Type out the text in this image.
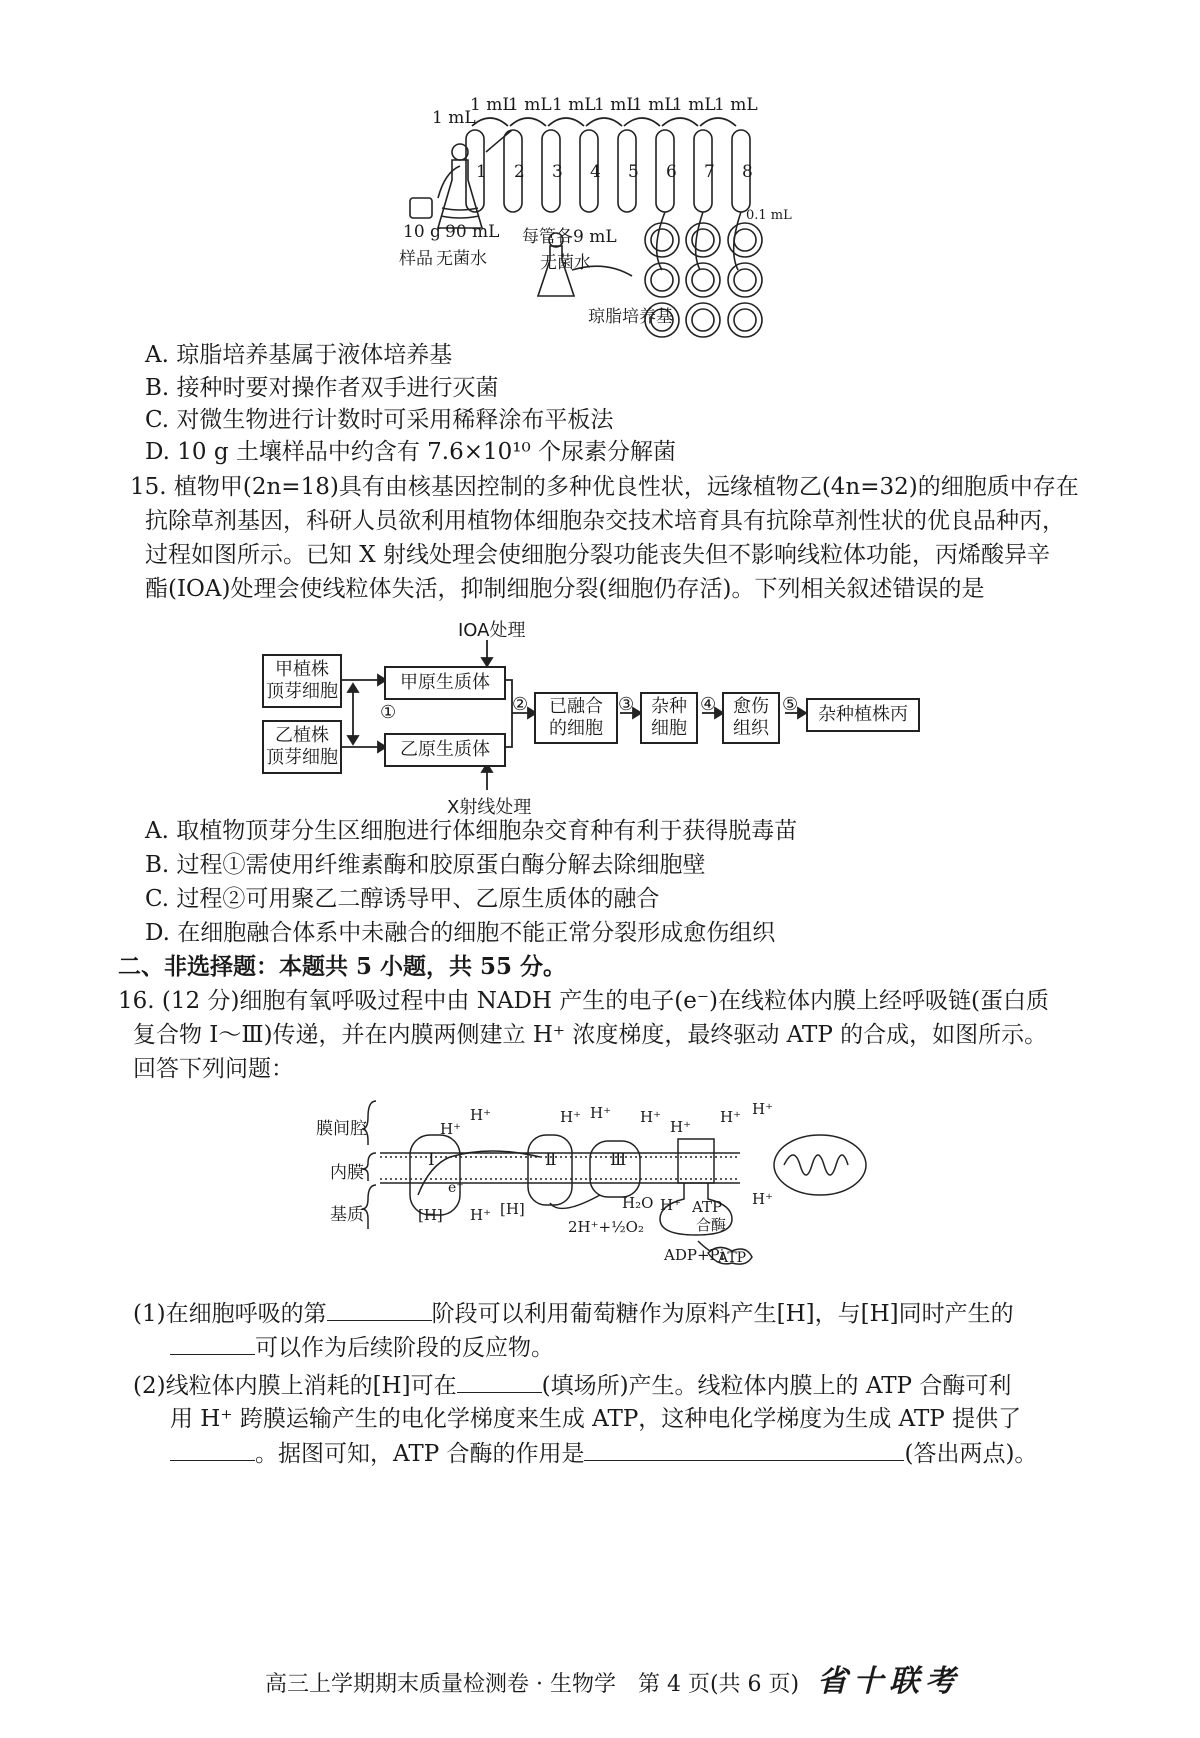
1 mL
1 mL
1 mL 1 mL
1 mL
1 mL
1 mL
1 mL
1 2 3 4 5 6 7 8
10 g
样品
90 mL
无菌水
每管各9 mL
无菌水
0.1 mL
琼脂培养基
A. 琼脂培养基属于液体培养基
B. 接种时要对操作者双手进行灭菌
C. 对微生物进行计数时可采用稀释涂布平板法
D. 10 g 土壤样品中约含有 7.6×10¹⁰ 个尿素分解菌
15. 植物甲(2n=18)具有由核基因控制的多种优良性状，远缘植物乙(4n=32)的细胞质中存在
抗除草剂基因，科研人员欲利用植物体细胞杂交技术培育具有抗除草剂性状的优良品种丙，
过程如图所示。已知 X 射线处理会使细胞分裂功能丧失但不影响线粒体功能，丙烯酸异辛
酯(IOA)处理会使线粒体失活，抑制细胞分裂(细胞仍存活)。下列相关叙述错误的是
IOA处理
X射线处理
甲植株
顶芽细胞
乙植株
顶芽细胞
①
甲原生质体
乙原生质体
② 已融合
的细胞
③ 杂种
细胞
④ 愈伤
组织
⑤	杂种植株丙
A. 取植物顶芽分生区细胞进行体细胞杂交育种有利于获得脱毒苗
B. 过程①需使用纤维素酶和胶原蛋白酶分解去除细胞壁
C. 过程②可用聚乙二醇诱导甲、乙原生质体的融合
D. 在细胞融合体系中未融合的细胞不能正常分裂形成愈伤组织
二、非选择题：本题共 5 小题，共 55 分。
16. (12 分)细胞有氧呼吸过程中由 NADH 产生的电子(e⁻)在线粒体内膜上经呼吸链(蛋白质
复合物 Ⅰ～Ⅲ)传递，并在内膜两侧建立 H⁺ 浓度梯度，最终驱动 ATP 的合成，如图所示。
回答下列问题：
膜间腔
内膜
基质
Ⅰ	Ⅱ	Ⅲ
H⁺
H⁺	H⁺ H⁺ H⁺
H⁺
H⁺ H⁺
H⁺
H⁺	H⁺
[H]	[H]
e⁻
H₂O
2H⁺+½O₂
ATP
合酶
ADP+Pi
ATP
(1)在细胞呼吸的第	阶段可以利用葡萄糖作为原料产生[H]，与[H]同时产生的
可以作为后续阶段的反应物。
(2)线粒体内膜上消耗的[H]可在	(填场所)产生。线粒体内膜上的 ATP 合酶可利
用 H⁺ 跨膜运输产生的电化学梯度来生成 ATP，这种电化学梯度为生成 ATP 提供了
。据图可知，ATP 合酶的作用是	(答出两点)。
高三上学期期末质量检测卷 · 生物学　第 4 页(共 6 页) 省十联考
